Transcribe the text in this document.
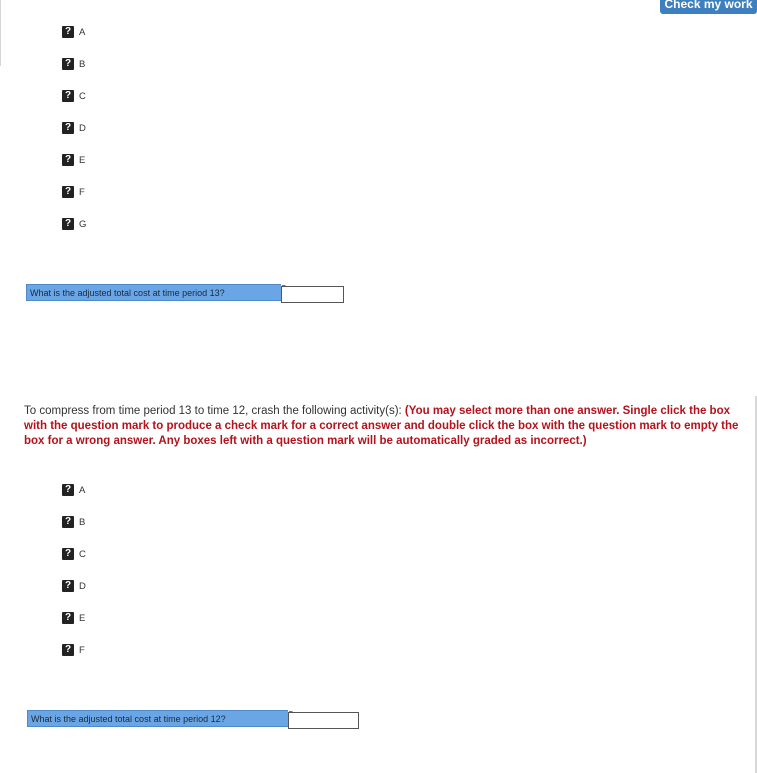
Check my work
? A
? B
? C
? D
? E
? F
? G
What is the adjusted total cost at time period 13?
To compress from time period 13 to time 12, crash the following activity(s): (You may select more than one answer. Single click the box with the question mark to produce a check mark for a correct answer and double click the box with the question mark to empty the box for a wrong answer. Any boxes left with a question mark will be automatically graded as incorrect.)
? A
? B
? C
? D
? E
? F
What is the adjusted total cost at time period 12?
